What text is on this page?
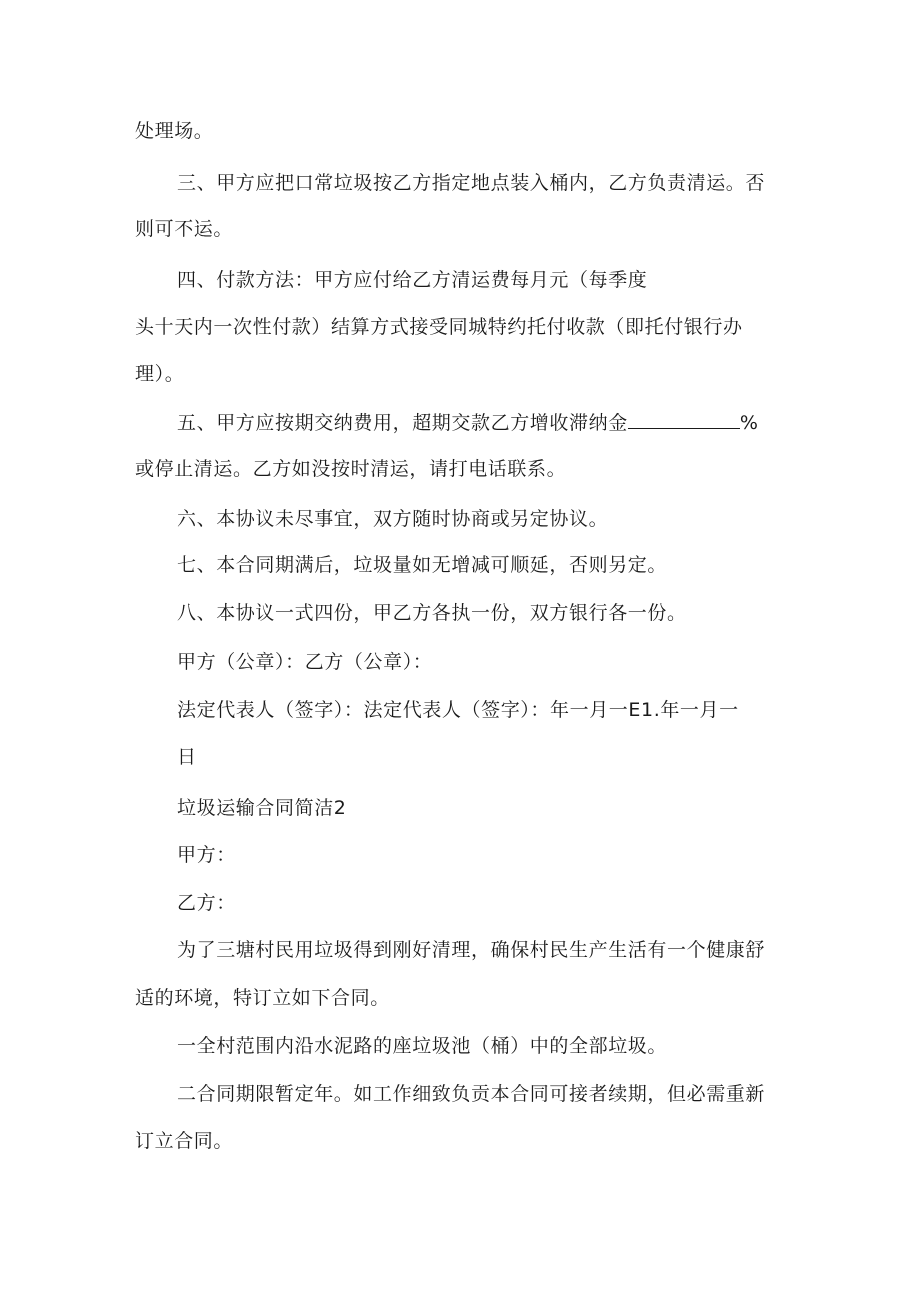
处理场。
三、甲方应把口常垃圾按乙方指定地点装入桶内，乙方负责清运。否
则可不运。
四、付款方法：甲方应付给乙方清运费每月元（每季度
头十天内一次性付款）结算方式接受同城特约托付收款（即托付银行办
理）。
五、甲方应按期交纳费用，超期交款乙方增收滞纳金	%
或停止清运。乙方如没按时清运，请打电话联系。
六、本协议未尽事宜，双方随时协商或另定协议。
七、本合同期满后，垃圾量如无增减可顺延，否则另定。
八、本协议一式四份，甲乙方各执一份，双方银行各一份。
甲方（公章）：乙方（公章）：
法定代表人（签字）：法定代表人（签字）：年一月一E1.年一月一
日
垃圾运输合同简洁2
甲方：
乙方：
为了三塘村民用垃圾得到刚好清理，确保村民生产生活有一个健康舒
适的环境，特订立如下合同。
一全村范围内沿水泥路的座垃圾池（桶）中的全部垃圾。
二合同期限暂定年。如工作细致负贡本合同可接者续期，但必需重新
订立合同。
